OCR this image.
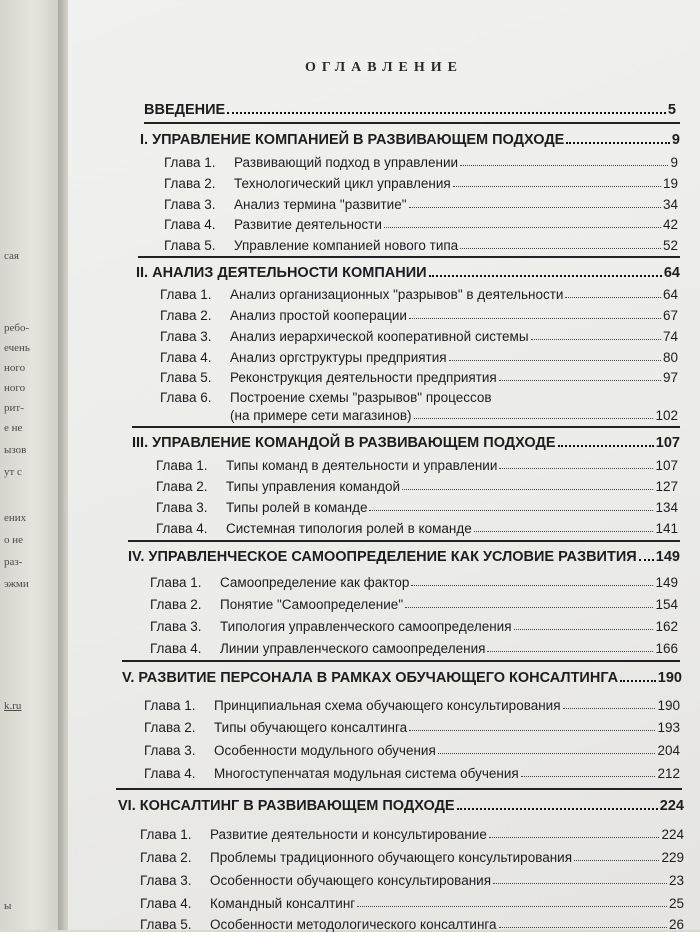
сая
ребо-
ечень
ного
ного
рит-
е не
ызов
ут с
ених
о не
раз-
эжми
k.ru
ы
ОГЛАВЛЕНИЕ
ВВЕДЕНИЕ	5
I. УПРАВЛЕНИЕ КОМПАНИЕЙ В РАЗВИВАЮЩЕМ ПОДХОДЕ	9
Глава 1.	Развивающий подход в управлении	9
Глава 2.	Технологический цикл управления	19
Глава 3.	Анализ термина "развитие"	34
Глава 4.	Развитие деятельности	42
Глава 5.	Управление компанией нового типа	52
II. АНАЛИЗ ДЕЯТЕЛЬНОСТИ КОМПАНИИ	64
Глава 1.	Анализ организационных "разрывов" в деятельности	64
Глава 2.	Анализ простой кооперации	67
Глава 3.	Анализ иерархической кооперативной системы	74
Глава 4.	Анализ оргструктуры предприятия	80
Глава 5.	Реконструкция деятельности предприятия	97
Глава 6.	Построение схемы "разрывов" процессов
(на примере сети магазинов)	102
III. УПРАВЛЕНИЕ КОМАНДОЙ В РАЗВИВАЮЩЕМ ПОДХОДЕ	107
Глава 1.	Типы команд в деятельности и управлении	107
Глава 2.	Типы управления командой	127
Глава 3.	Типы ролей в команде	134
Глава 4.	Системная типология ролей в команде	141
IV. УПРАВЛЕНЧЕСКОЕ САМООПРЕДЕЛЕНИЕ КАК УСЛОВИЕ РАЗВИТИЯ 149
Глава 1.	Самоопределение как фактор	149
Глава 2.	Понятие "Самоопределение"	154
Глава 3.	Типология управленческого самоопределения	162
Глава 4.	Линии управленческого самоопределения	166
V. РАЗВИТИЕ ПЕРСОНАЛА В РАМКАХ ОБУЧАЮЩЕГО КОНСАЛТИНГА	190
Глава 1.	Принципиальная схема обучающего консультирования	190
Глава 2.	Типы обучающего консалтинга	193
Глава 3.	Особенности модульного обучения	204
Глава 4.	Многоступенчатая модульная система обучения	212
VI. КОНСАЛТИНГ В РАЗВИВАЮЩЕМ ПОДХОДЕ	224
Глава 1.	Развитие деятельности и консультирование	224
Глава 2.	Проблемы традиционного обучающего консультирования	229
Глава 3.	Особенности обучающего консультирования	23
Глава 4.	Командный консалтинг	25
Глава 5.	Особенности методологического консалтинга	26
